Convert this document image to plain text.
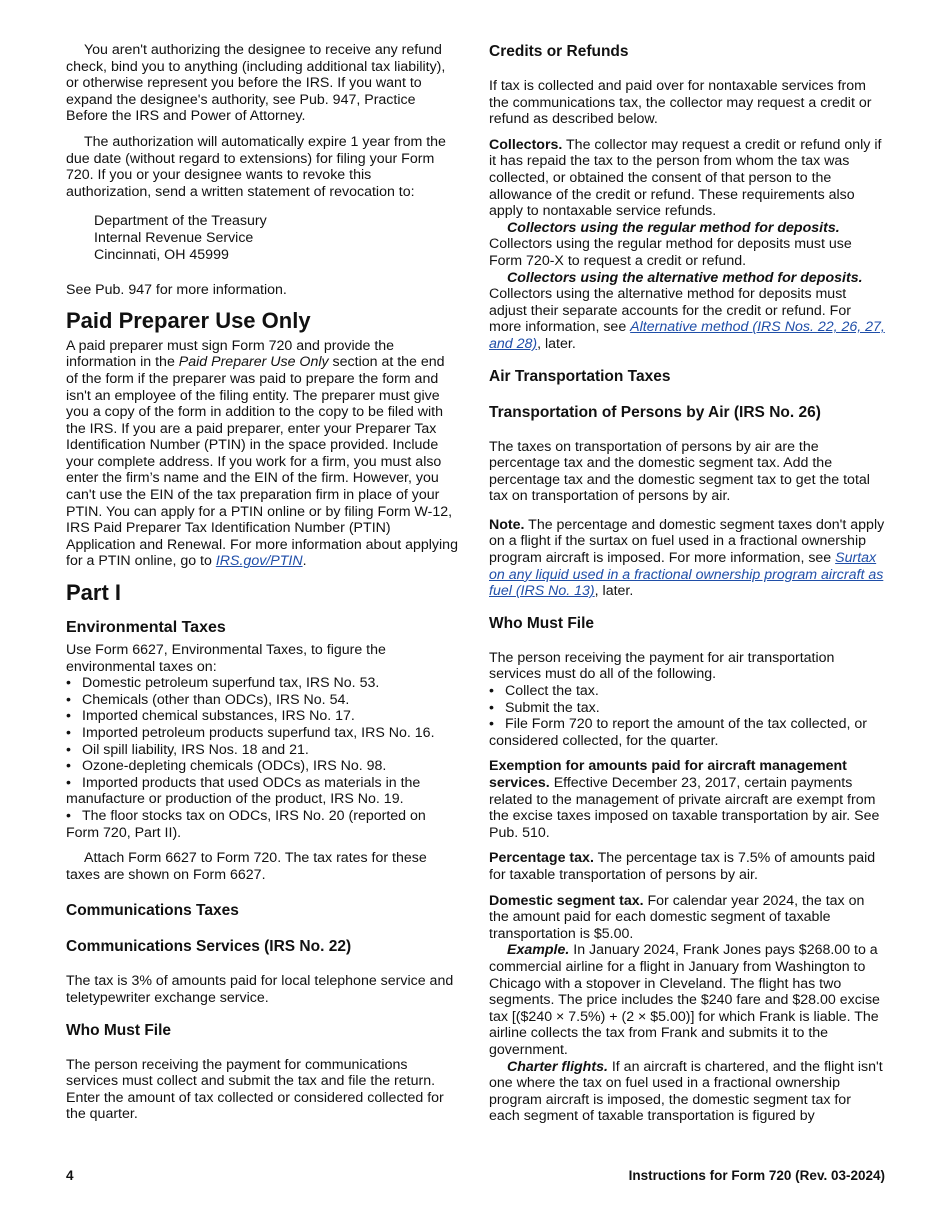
You aren't authorizing the designee to receive any refund check, bind you to anything (including additional tax liability), or otherwise represent you before the IRS. If you want to expand the designee's authority, see Pub. 947, Practice Before the IRS and Power of Attorney.

The authorization will automatically expire 1 year from the due date (without regard to extensions) for filing your Form 720. If you or your designee wants to revoke this authorization, send a written statement of revocation to:

Department of the Treasury
Internal Revenue Service
Cincinnati, OH 45999

See Pub. 947 for more information.

Paid Preparer Use Only

A paid preparer must sign Form 720 and provide the information in the Paid Preparer Use Only section at the end of the form if the preparer was paid to prepare the form and isn't an employee of the filing entity. The preparer must give you a copy of the form in addition to the copy to be filed with the IRS. If you are a paid preparer, enter your Preparer Tax Identification Number (PTIN) in the space provided. Include your complete address. If you work for a firm, you must also enter the firm’s name and the EIN of the firm. However, you can't use the EIN of the tax preparation firm in place of your PTIN. You can apply for a PTIN online or by filing Form W-12, IRS Paid Preparer Tax Identification Number (PTIN) Application and Renewal. For more information about applying for a PTIN online, go to IRS.gov/PTIN.

Part I
Environmental Taxes

Use Form 6627, Environmental Taxes, to figure the environmental taxes on:

• Domestic petroleum superfund tax, IRS No. 53.
• Chemicals (other than ODCs), IRS No. 54.
• Imported chemical substances, IRS No. 17.
• Imported petroleum products superfund tax, IRS No. 16.
• Oil spill liability, IRS Nos. 18 and 21.
• Ozone-depleting chemicals (ODCs), IRS No. 98.
• Imported products that used ODCs as materials in the manufacture or production of the product, IRS No. 19.
• The floor stocks tax on ODCs, IRS No. 20 (reported on Form 720, Part II).

Attach Form 6627 to Form 720. The tax rates for these taxes are shown on Form 6627.

Communications Taxes
Communications Services (IRS No. 22)

The tax is 3% of amounts paid for local telephone service and teletypewriter exchange service.

Who Must File

The person receiving the payment for communications services must collect and submit the tax and file the return. Enter the amount of tax collected or considered collected for the quarter.

Credits or Refunds

If tax is collected and paid over for nontaxable services from the communications tax, the collector may request a credit or refund as described below.

Collectors. The collector may request a credit or refund only if it has repaid the tax to the person from whom the tax was collected, or obtained the consent of that person to the allowance of the credit or refund. These requirements also apply to nontaxable service refunds.

Collectors using the regular method for deposits. Collectors using the regular method for deposits must use Form 720-X to request a credit or refund.

Collectors using the alternative method for deposits. Collectors using the alternative method for deposits must adjust their separate accounts for the credit or refund. For more information, see Alternative method (IRS Nos. 22, 26, 27, and 28), later.

Air Transportation Taxes
Transportation of Persons by Air (IRS No. 26)

The taxes on transportation of persons by air are the percentage tax and the domestic segment tax. Add the percentage tax and the domestic segment tax to get the total tax on transportation of persons by air.

Note. The percentage and domestic segment taxes don't apply on a flight if the surtax on fuel used in a fractional ownership program aircraft is imposed. For more information, see Surtax on any liquid used in a fractional ownership program aircraft as fuel (IRS No. 13), later.

Who Must File

The person receiving the payment for air transportation services must do all of the following.

• Collect the tax.
• Submit the tax.
• File Form 720 to report the amount of the tax collected, or considered collected, for the quarter.

Exemption for amounts paid for aircraft management services. Effective December 23, 2017, certain payments related to the management of private aircraft are exempt from the excise taxes imposed on taxable transportation by air. See Pub. 510.

Percentage tax. The percentage tax is 7.5% of amounts paid for taxable transportation of persons by air.

Domestic segment tax. For calendar year 2024, the tax on the amount paid for each domestic segment of taxable transportation is $5.00.

Example. In January 2024, Frank Jones pays $268.00 to a commercial airline for a flight in January from Washington to Chicago with a stopover in Cleveland. The flight has two segments. The price includes the $240 fare and $28.00 excise tax [($240 × 7.5%) + (2 × $5.00)] for which Frank is liable. The airline collects the tax from Frank and submits it to the government.

Charter flights. If an aircraft is chartered, and the flight isn't one where the tax on fuel used in a fractional ownership program aircraft is imposed, the domestic segment tax for each segment of taxable transportation is figured by

4	Instructions for Form 720 (Rev. 03-2024)
